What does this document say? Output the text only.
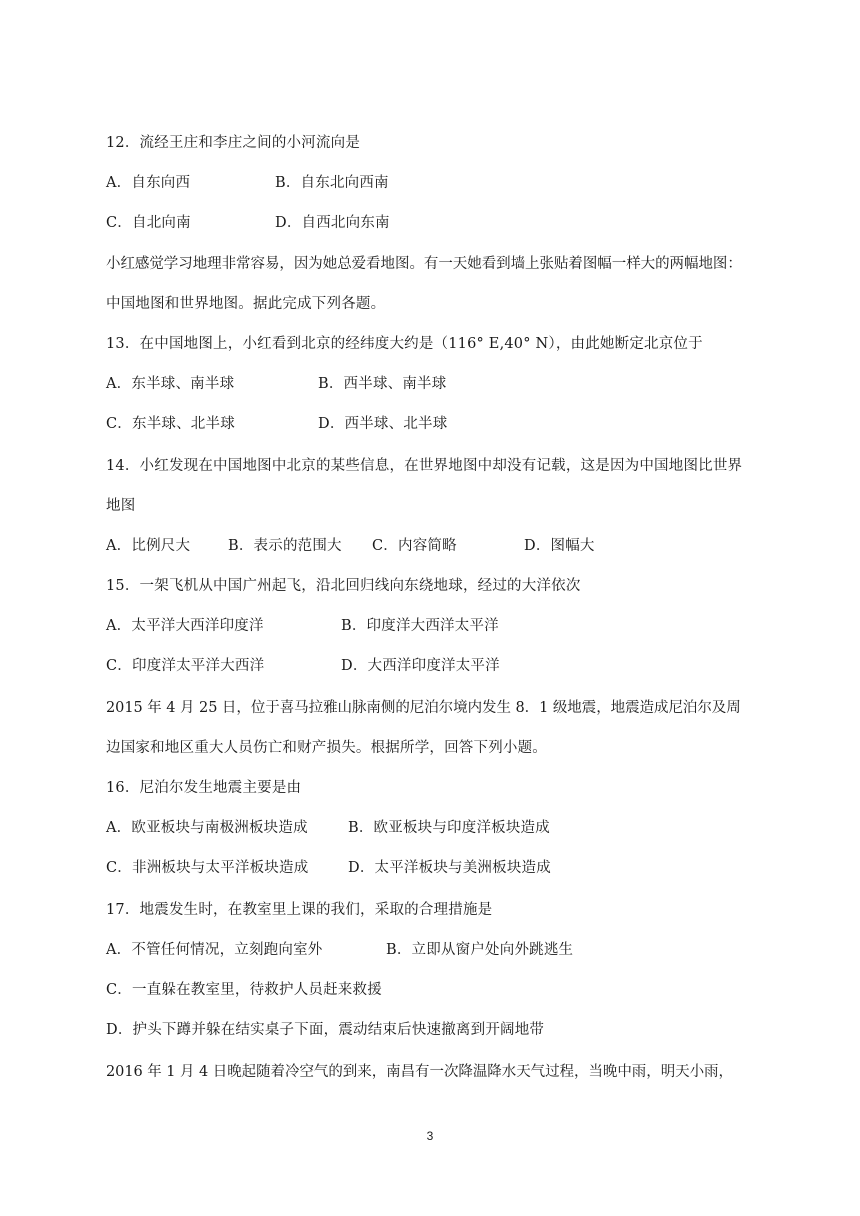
12．流经王庄和李庄之间的小河流向是
A．自东向西	B．自东北向西南
C．自北向南	D．自西北向东南
小红感觉学习地理非常容易，因为她总爱看地图。有一天她看到墙上张贴着图幅一样大的两幅地图：
中国地图和世界地图。据此完成下列各题。
13．在中国地图上，小红看到北京的经纬度大约是（116° E,40° N），由此她断定北京位于
A．东半球、南半球	B．西半球、南半球
C．东半球、北半球	D．西半球、北半球
14．小红发现在中国地图中北京的某些信息，在世界地图中却没有记载，这是因为中国地图比世界
地图
A．比例尺大	B．表示的范围大 C．内容简略	D．图幅大
15．一架飞机从中国广州起飞，沿北回归线向东绕地球，经过的大洋依次
A．太平洋大西洋印度洋	B．印度洋大西洋太平洋
C．印度洋太平洋大西洋	D．大西洋印度洋太平洋
2015 年 4 月 25 日，位于喜马拉雅山脉南侧的尼泊尔境内发生 8．1 级地震，地震造成尼泊尔及周
边国家和地区重大人员伤亡和财产损失。根据所学，回答下列小题。
16．尼泊尔发生地震主要是由
A．欧亚板块与南极洲板块造成	B．欧亚板块与印度洋板块造成
C．非洲板块与太平洋板块造成	D．太平洋板块与美洲板块造成
17．地震发生时，在教室里上课的我们，采取的合理措施是
A．不管任何情况，立刻跑向室外	B．立即从窗户处向外跳逃生
C．一直躲在教室里，待救护人员赶来救援
D．护头下蹲并躲在结实桌子下面，震动结束后快速撤离到开阔地带
2016 年 1 月 4 日晚起随着冷空气的到来，南昌有一次降温降水天气过程，当晚中雨，明天小雨，
3
